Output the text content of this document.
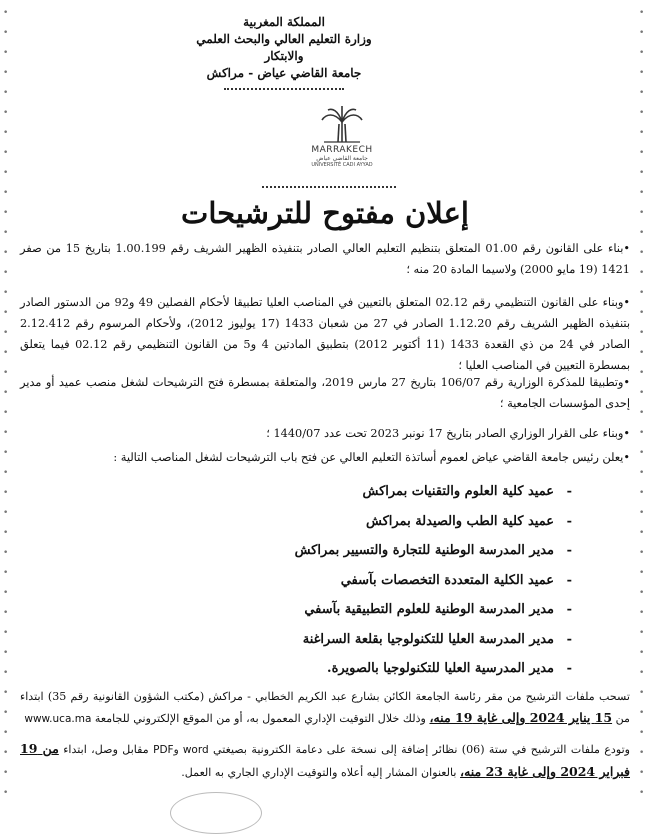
•
•
•
•
•
•
•
•
•
•
•
•
•
•
•
•
•
•
•
•
•
•
•
•
•
•
•
•
•
•
•
•
•
•
•
•
•
•
•
•
•
•
•
•
•
•
•
•
•
•
•
•
•
•
•
•
•
•
•
•
•
•
•
•
•
•
•
•
•
•
•
•
•
•
•
•
•
•
•
•
المملكة المغربية
وزارة التعليم العالي والبحث العلمي والابتكار
جامعة القاضي عياض - مراكش
MARRAKECH
جامعة القاضي عياض
UNIVERSITÉ CADI AYYAD
إعلان مفتوح للترشيحات
•بناء على القانون رقم 01.00 المتعلق بتنظيم التعليم العالي الصادر بتنفيذه الظهير الشريف رقم 1.00.199 بتاريخ 15 من صفر 1421 (19 مايو 2000) ولاسيما المادة 20 منه ؛
•وبناء على القانون التنظيمي رقم 02.12 المتعلق بالتعيين في المناصب العليا تطبيقا لأحكام الفصلين 49 و92 من الدستور الصادر بتنفيذه الظهير الشريف رقم 1.12.20 الصادر في 27 من شعبان 1433 (17 يوليوز 2012)، ولأحكام المرسوم رقم 2.12.412 الصادر في 24 من ذي القعدة 1433 (11 أكتوبر 2012) بتطبيق المادتين 4 و5 من القانون التنظيمي رقم 02.12 فيما يتعلق بمسطرة التعيين في المناصب العليا ؛
•وتطبيقا للمذكرة الوزارية رقم 106/07 بتاريخ 27 مارس 2019، والمتعلقة بمسطرة فتح الترشيحات لشغل منصب عميد أو مدير إحدى المؤسسات الجامعية ؛
•وبناء على القرار الوزاري الصادر بتاريخ 17 نونبر 2023 تحت عدد 1440/07 ؛
•يعلن رئيس جامعة القاضي عياض لعموم أساتذة التعليم العالي عن فتح باب الترشيحات لشغل المناصب التالية :
-عميد كلية العلوم والتقنيات بمراكش
-عميد كلية الطب والصيدلة بمراكش
-مدير المدرسة الوطنية للتجارة والتسيير بمراكش
-عميد الكلية المتعددة التخصصات بآسفي
-مدير المدرسة الوطنية للعلوم التطبيقية بآسفي
-مدير المدرسة العليا للتكنولوجيا بقلعة السراغنة
-مدير المدرسية العليا للتكنولوجيا بالصويرة.
تسحب ملفات الترشيح من مقر رئاسة الجامعة الكائن بشارع عبد الكريم الخطابي - مراكش (مكتب الشؤون القانونية رقم 35) ابتداء من 15 يناير 2024 وإلى غاية 19 منه، وذلك خلال التوقيت الإداري المعمول به، أو من الموقع الإلكتروني للجامعة www.uca.ma
وتودع ملفات الترشيح في ستة (06) نظائر إضافة إلى نسخة على دعامة الكترونية بصيغتي word وPDF مقابل وصل، ابتداء من 19 فبراير 2024 وإلى غاية 23 منه، بالعنوان المشار إليه أعلاه والتوقيت الإداري الجاري به العمل.
